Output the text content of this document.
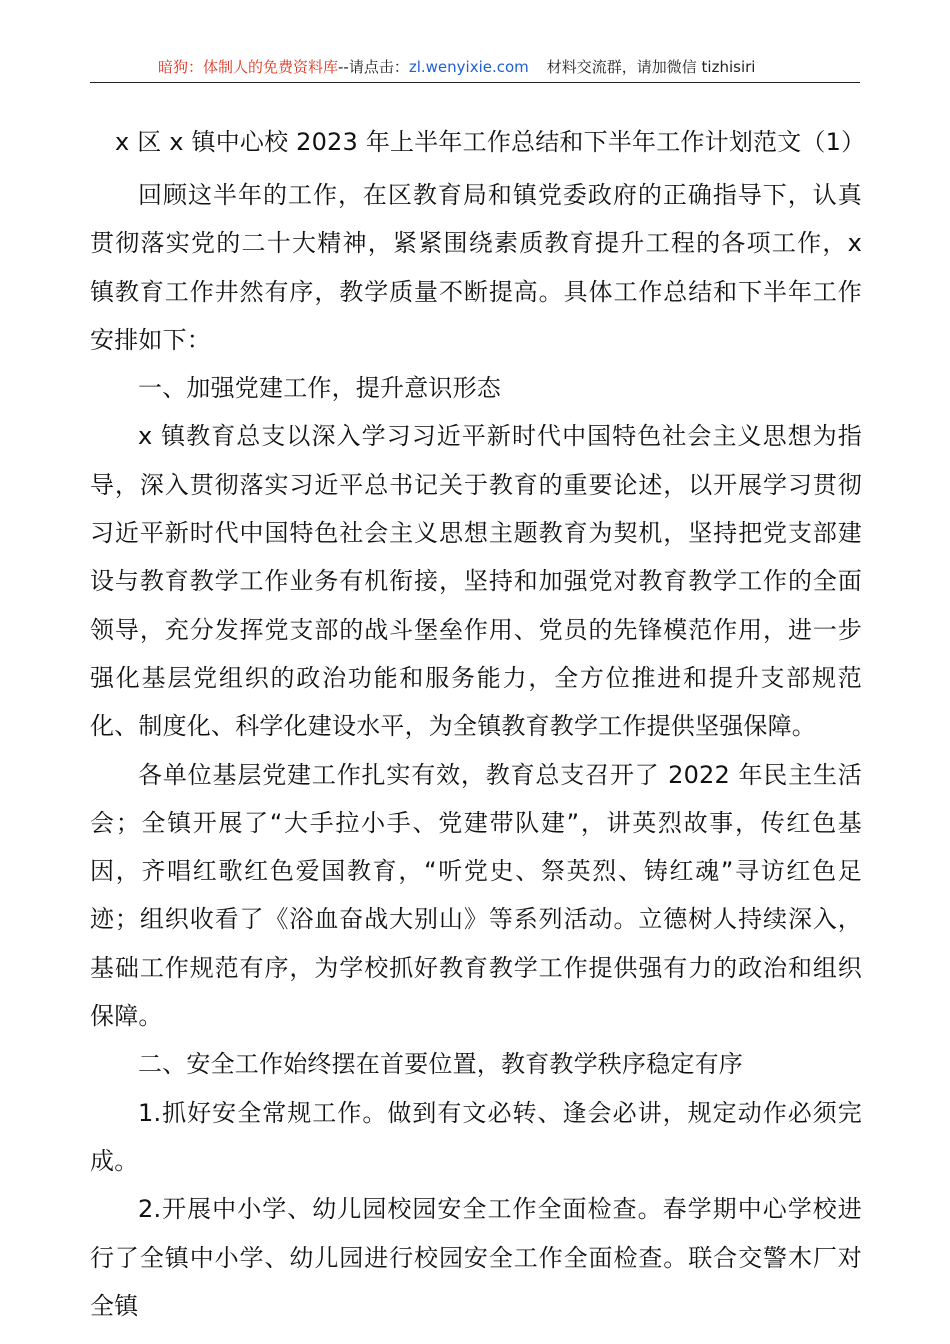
暗狗：体制人的免费资料库--请点击：zl.wenyixie.com 材料交流群，请加微信 tizhisiri
x 区 x 镇中心校 2023 年上半年工作总结和下半年工作计划范文（1）

回顾这半年的工作，在区教育局和镇党委政府的正确指导下，认真贯彻落实党的二十大精神，紧紧围绕素质教育提升工程的各项工作，x 镇教育工作井然有序，教学质量不断提高。具体工作总结和下半年工作安排如下：

一、加强党建工作，提升意识形态

x 镇教育总支以深入学习习近平新时代中国特色社会主义思想为指导，深入贯彻落实习近平总书记关于教育的重要论述，以开展学习贯彻习近平新时代中国特色社会主义思想主题教育为契机，坚持把党支部建设与教育教学工作业务有机衔接，坚持和加强党对教育教学工作的全面领导，充分发挥党支部的战斗堡垒作用、党员的先锋模范作用，进一步强化基层党组织的政治功能和服务能力，全方位推进和提升支部规范化、制度化、科学化建设水平，为全镇教育教学工作提供坚强保障。

各单位基层党建工作扎实有效，教育总支召开了 2022 年民主生活会；全镇开展了“大手拉小手、党建带队建”，讲英烈故事，传红色基因，齐唱红歌红色爱国教育，“听党史、祭英烈、铸红魂”寻访红色足迹；组织收看了《浴血奋战大别山》等系列活动。立德树人持续深入，基础工作规范有序，为学校抓好教育教学工作提供强有力的政治和组织保障。

二、安全工作始终摆在首要位置，教育教学秩序稳定有序

1.抓好安全常规工作。做到有文必转、逢会必讲，规定动作必须完成。

2.开展中小学、幼儿园校园安全工作全面检查。春学期中心学校进行了全镇中小学、幼儿园进行校园安全工作全面检查。联合交警木厂对全镇
